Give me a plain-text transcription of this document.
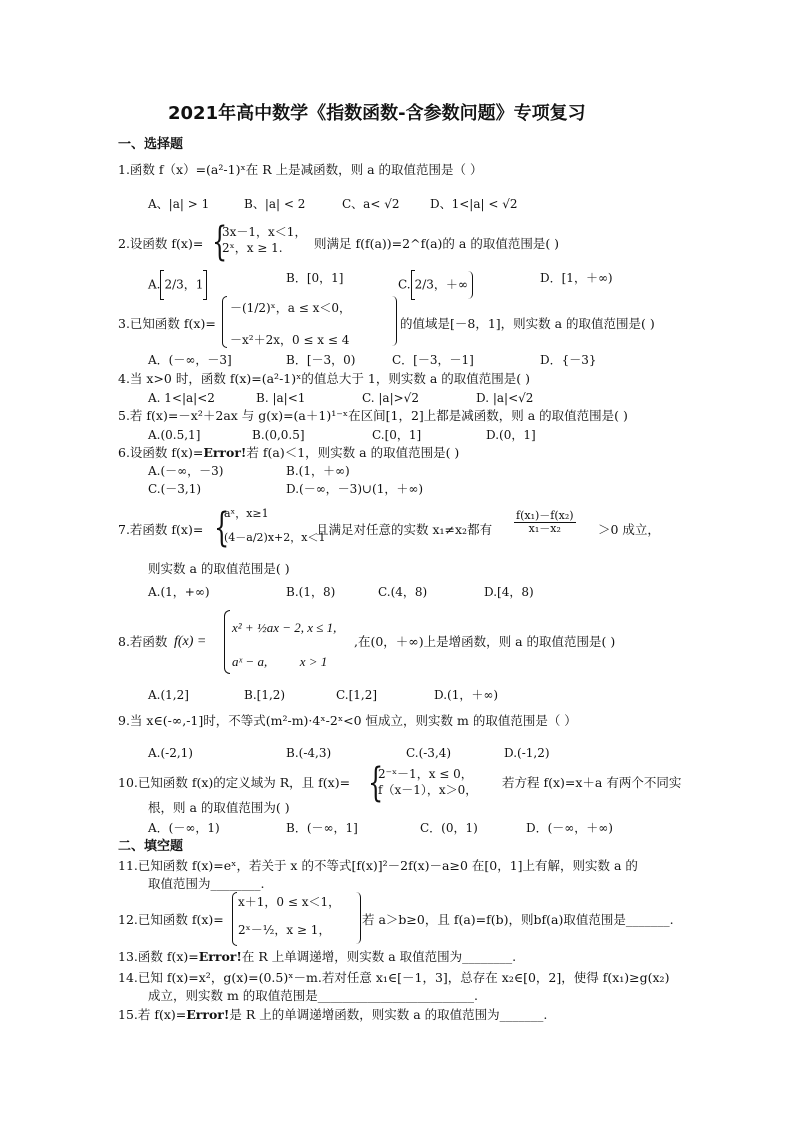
2021年高中数学《指数函数-含参数问题》专项复习
一、选择题
1.函数 f（x）=(a²-1)ˣ在 R 上是减函数，则 a 的取值范围是（ ）
A、|a| > 1	B、|a| < 2	C、a< √2	D、1<|a| < √2
2.设函数 f(x)= {
3x－1，x＜1，
2ˣ，x ≥ 1.	则满足 f(f(a))=2^f(a)的 a 的取值范围是( )
A. 2/3，1	B．[0，1]	C. 2/3，＋∞	D．[1，＋∞)
3.已知函数 f(x)=
－(1/2)ˣ，a ≤ x＜0，
－x²＋2x，0 ≤ x ≤ 4
的值域是[－8，1]，则实数 a 的取值范围是( )
A．(－∞，－3]	B．[－3，0)	C．[－3，－1]	D．{－3}
4.当 x>0 时，函数 f(x)=(a²-1)ˣ的值总大于 1，则实数 a 的取值范围是( )
A. 1<|a|<2	B. |a|<1	C. |a|>√2	D. |a|<√2
5.若 f(x)=－x²＋2ax 与 g(x)=(a＋1)¹⁻ˣ在区间[1，2]上都是减函数，则 a 的取值范围是( )
A.(0.5,1]	B.(0,0.5]	C.[0，1]	D.(0，1]
6.设函数 f(x)=Error!若 f(a)＜1，则实数 a 的取值范围是( )
A.(－∞，－3)	B.(1，＋∞)
C.(－3,1)	D.(－∞，－3)∪(1，＋∞)
7.若函数 f(x)= {
aˣ，x≥1
(4－a/2)x+2，x＜1
且满足对任意的实数 x₁≠x₂都有 $\frac{\text{f(x₁)－f(x₂)}}{\text{x₁－x₂}} >0$ 成立，
则实数 a 的取值范围是( )
A.(1，+∞)	B.(1，8)	C.(4，8)	D.[4，8)
8.若函数 f(x) =
x² + ½ax − 2, x ≤ 1,
aˣ − a,          x > 1
,在(0，＋∞)上是增函数，则 a 的取值范围是( )
A.(1,2]	B.[1,2)	C.[1,2]	D.(1，＋∞)
9.当 x∈(-∞,-1]时，不等式(m²-m)·4ˣ-2ˣ<0 恒成立，则实数 m 的取值范围是（ ）
A.(-2,1)	B.(-4,3)	C.(-3,4)	D.(-1,2)
10.已知函数 f(x)的定义域为 R，且 f(x)= {
2⁻ˣ－1，x ≤ 0，
f（x－1），x＞0， 若方程 f(x)=x＋a 有两个不同实
根，则 a 的取值范围为( )
A．(－∞，1)	B．(－∞，1]	C．(0，1)	D．(－∞，＋∞)
二、填空题
11.已知函数 f(x)=eˣ，若关于 x 的不等式[f(x)]²－2f(x)－a≥0 在[0，1]上有解，则实数 a 的
取值范围为________.
12.已知函数 f(x)=
x＋1，0 ≤ x＜1，
2ˣ－½，x ≥ 1，
若 a＞b≥0，且 f(a)=f(b)，则bf(a)取值范围是_______.
13.函数 f(x)=Error!在 R 上单调递增，则实数 a 取值范围为________.
14.已知 f(x)=x²，g(x)=(0.5)ˣ－m.若对任意 x₁∈[－1，3]，总存在 x₂∈[0，2]，使得 f(x₁)≥g(x₂)
成立，则实数 m 的取值范围是_________________________.
15.若 f(x)=Error!是 R 上的单调递增函数，则实数 a 的取值范围为_______.
